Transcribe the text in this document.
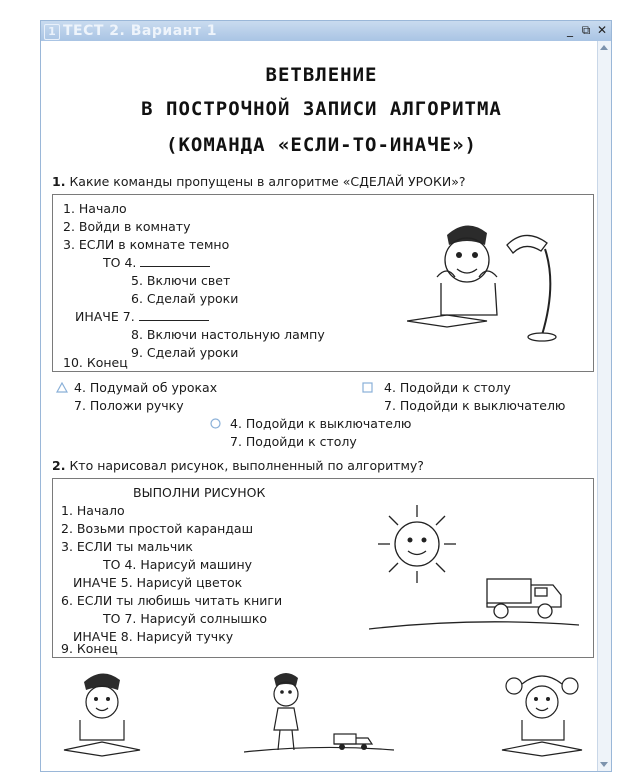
1 ТЕСТ 2. Вариант 1	_ ⧉ ✕
ВЕТВЛЕНИЕ
В ПОСТРОЧНОЙ ЗАПИСИ АЛГОРИТМА
(КОМАНДА «ЕСЛИ-ТО-ИНАЧЕ»)
1. Какие команды пропущены в алгоритме «СДЕЛАЙ УРОКИ»?
1. Начало
2. Войди в комнату
3. ЕСЛИ в комнате темно
ТО 4.
5. Включи свет
6. Сделай уроки
ИНАЧЕ 7.
8. Включи настольную лампу
9. Сделай уроки
10. Конец
4. Подумай об уроках
7. Положи ручку
4. Подойди к столу
7. Подойди к выключателю
4. Подойди к выключателю
7. Подойди к столу
2. Кто нарисовал рисунок, выполненный по алгоритму?
ВЫПОЛНИ РИСУНОК
1. Начало
2. Возьми простой карандаш
3. ЕСЛИ ты мальчик
ТО 4. Нарисуй машину
ИНАЧЕ 5. Нарисуй цветок
6. ЕСЛИ ты любишь читать книги
ТО 7. Нарисуй солнышко
ИНАЧЕ 8. Нарисуй тучку
9. Конец
